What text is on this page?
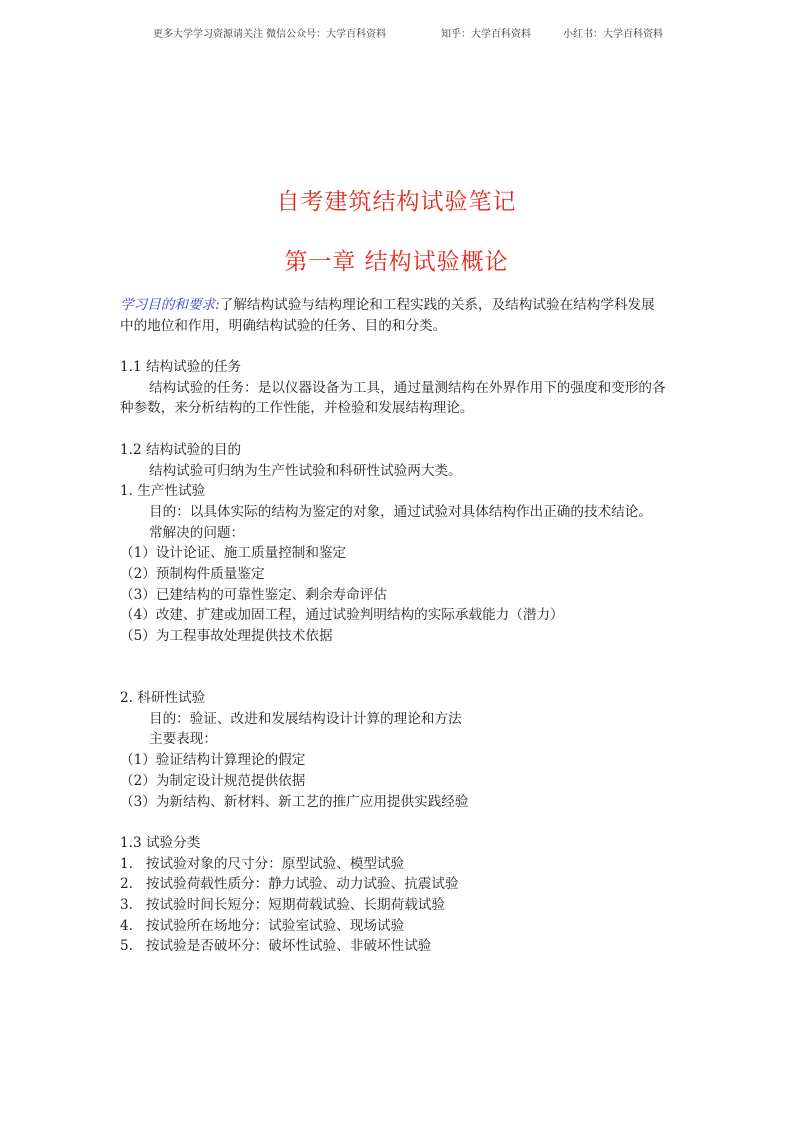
更多大学学习资源请关注 微信公众号：大学百科资料	知乎：大学百科资料	小红书：大学百科资料
自考建筑结构试验笔记
第一章 结构试验概论
学习目的和要求:了解结构试验与结构理论和工程实践的关系，及结构试验在结构学科发展
中的地位和作用，明确结构试验的任务、目的和分类。
1.1 结构试验的任务
结构试验的任务：是以仪器设备为工具，通过量测结构在外界作用下的强度和变形的各
种参数，来分析结构的工作性能，并检验和发展结构理论。
1.2 结构试验的目的
结构试验可归纳为生产性试验和科研性试验两大类。
1. 生产性试验
目的：以具体实际的结构为鉴定的对象，通过试验对具体结构作出正确的技术结论。
常解决的问题：
（1）设计论证、施工质量控制和鉴定
（2）预制构件质量鉴定
（3）已建结构的可靠性鉴定、剩余寿命评估
（4）改建、扩建或加固工程，通过试验判明结构的实际承载能力（潜力）
（5）为工程事故处理提供技术依据
2. 科研性试验
目的：验证、改进和发展结构设计计算的理论和方法
主要表现：
（1）验证结构计算理论的假定
（2）为制定设计规范提供依据
（3）为新结构、新材料、新工艺的推广应用提供实践经验
1.3 试验分类
1.   按试验对象的尺寸分：原型试验、模型试验
2.   按试验荷载性质分：静力试验、动力试验、抗震试验
3.   按试验时间长短分：短期荷载试验、长期荷载试验
4.   按试验所在场地分：试验室试验、现场试验
5.   按试验是否破坏分：破坏性试验、非破坏性试验
